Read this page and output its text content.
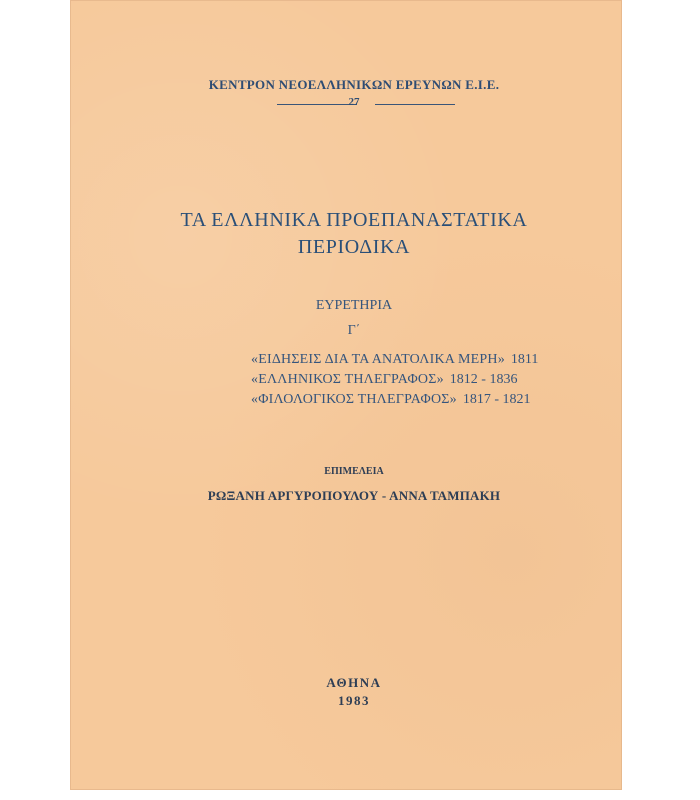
ΚΕΝΤΡΟΝ ΝΕΟΕΛΛΗΝΙΚΩΝ ΕΡΕΥΝΩΝ Ε.Ι.Ε.
27
ΤΑ ΕΛΛΗΝΙΚΑ ΠΡΟΕΠΑΝΑΣΤΑΤΙΚΑ
ΠΕΡΙΟΔΙΚΑ
ΕΥΡΕΤΗΡΙΑ
Γ΄
«ΕΙΔΗΣΕΙΣ ΔΙΑ ΤΑ ΑΝΑΤΟΛΙΚΑ ΜΕΡΗ» 1811
«ΕΛΛΗΝΙΚΟΣ ΤΗΛΕΓΡΑΦΟΣ» 1812 - 1836
«ΦΙΛΟΛΟΓΙΚΟΣ ΤΗΛΕΓΡΑΦΟΣ» 1817 - 1821
ΕΠΙΜΕΛΕΙΑ
ΡΩΞΑΝΗ ΑΡΓΥΡΟΠΟΥΛΟΥ - ΑΝΝΑ ΤΑΜΠΑΚΗ
ΑΘΗΝΑ
1983
